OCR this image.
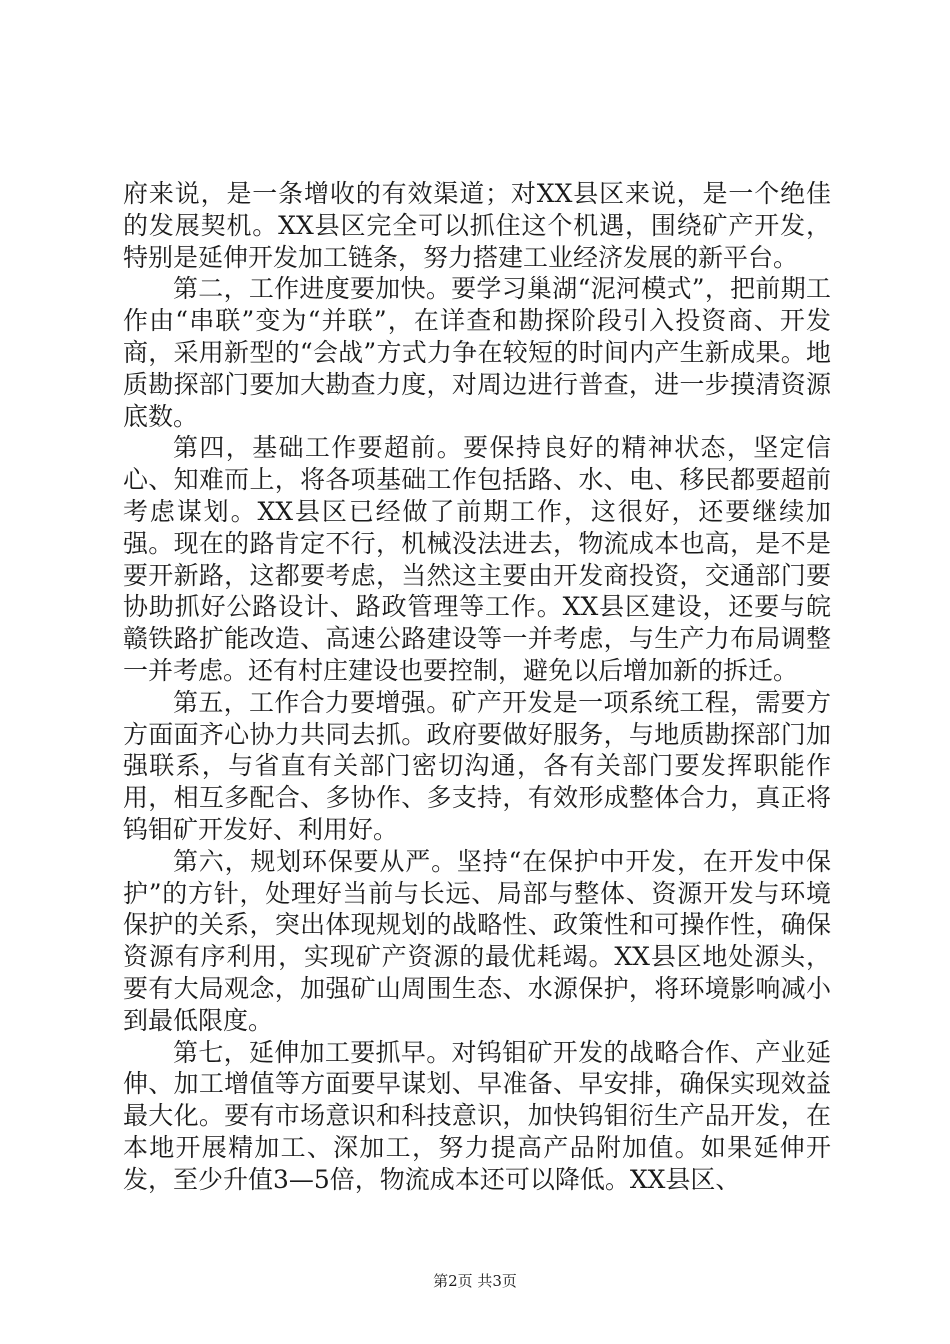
府来说，是一条增收的有效渠道；对XX县区来说，是一个绝佳的发展契机。XX县区完全可以抓住这个机遇，围绕矿产开发，特别是延伸开发加工链条，努力搭建工业经济发展的新平台。

第二，工作进度要加快。要学习巢湖“泥河模式”，把前期工作由“串联”变为“并联”，在详查和勘探阶段引入投资商、开发商，采用新型的“会战”方式力争在较短的时间内产生新成果。地质勘探部门要加大勘查力度，对周边进行普查，进一步摸清资源底数。

第四，基础工作要超前。要保持良好的精神状态，坚定信心、知难而上，将各项基础工作包括路、水、电、移民都要超前考虑谋划。XX县区已经做了前期工作，这很好，还要继续加强。现在的路肯定不行，机械没法进去，物流成本也高，是不是要开新路，这都要考虑，当然这主要由开发商投资，交通部门要协助抓好公路设计、路政管理等工作。XX县区建设，还要与皖赣铁路扩能改造、高速公路建设等一并考虑，与生产力布局调整一并考虑。还有村庄建设也要控制，避免以后增加新的拆迁。

第五，工作合力要增强。矿产开发是一项系统工程，需要方方面面齐心协力共同去抓。政府要做好服务，与地质勘探部门加强联系，与省直有关部门密切沟通，各有关部门要发挥职能作用，相互多配合、多协作、多支持，有效形成整体合力，真正将钨钼矿开发好、利用好。

第六，规划环保要从严。坚持“在保护中开发，在开发中保护”的方针，处理好当前与长远、局部与整体、资源开发与环境保护的关系，突出体现规划的战略性、政策性和可操作性，确保资源有序利用，实现矿产资源的最优耗竭。XX县区地处源头，要有大局观念，加强矿山周围生态、水源保护，将环境影响减小到最低限度。

第七，延伸加工要抓早。对钨钼矿开发的战略合作、产业延伸、加工增值等方面要早谋划、早准备、早安排，确保实现效益最大化。要有市场意识和科技意识，加快钨钼衍生产品开发，在本地开展精加工、深加工，努力提高产品附加值。如果延伸开发，至少升值3—5倍，物流成本还可以降低。XX县区、

第2页 共3页
